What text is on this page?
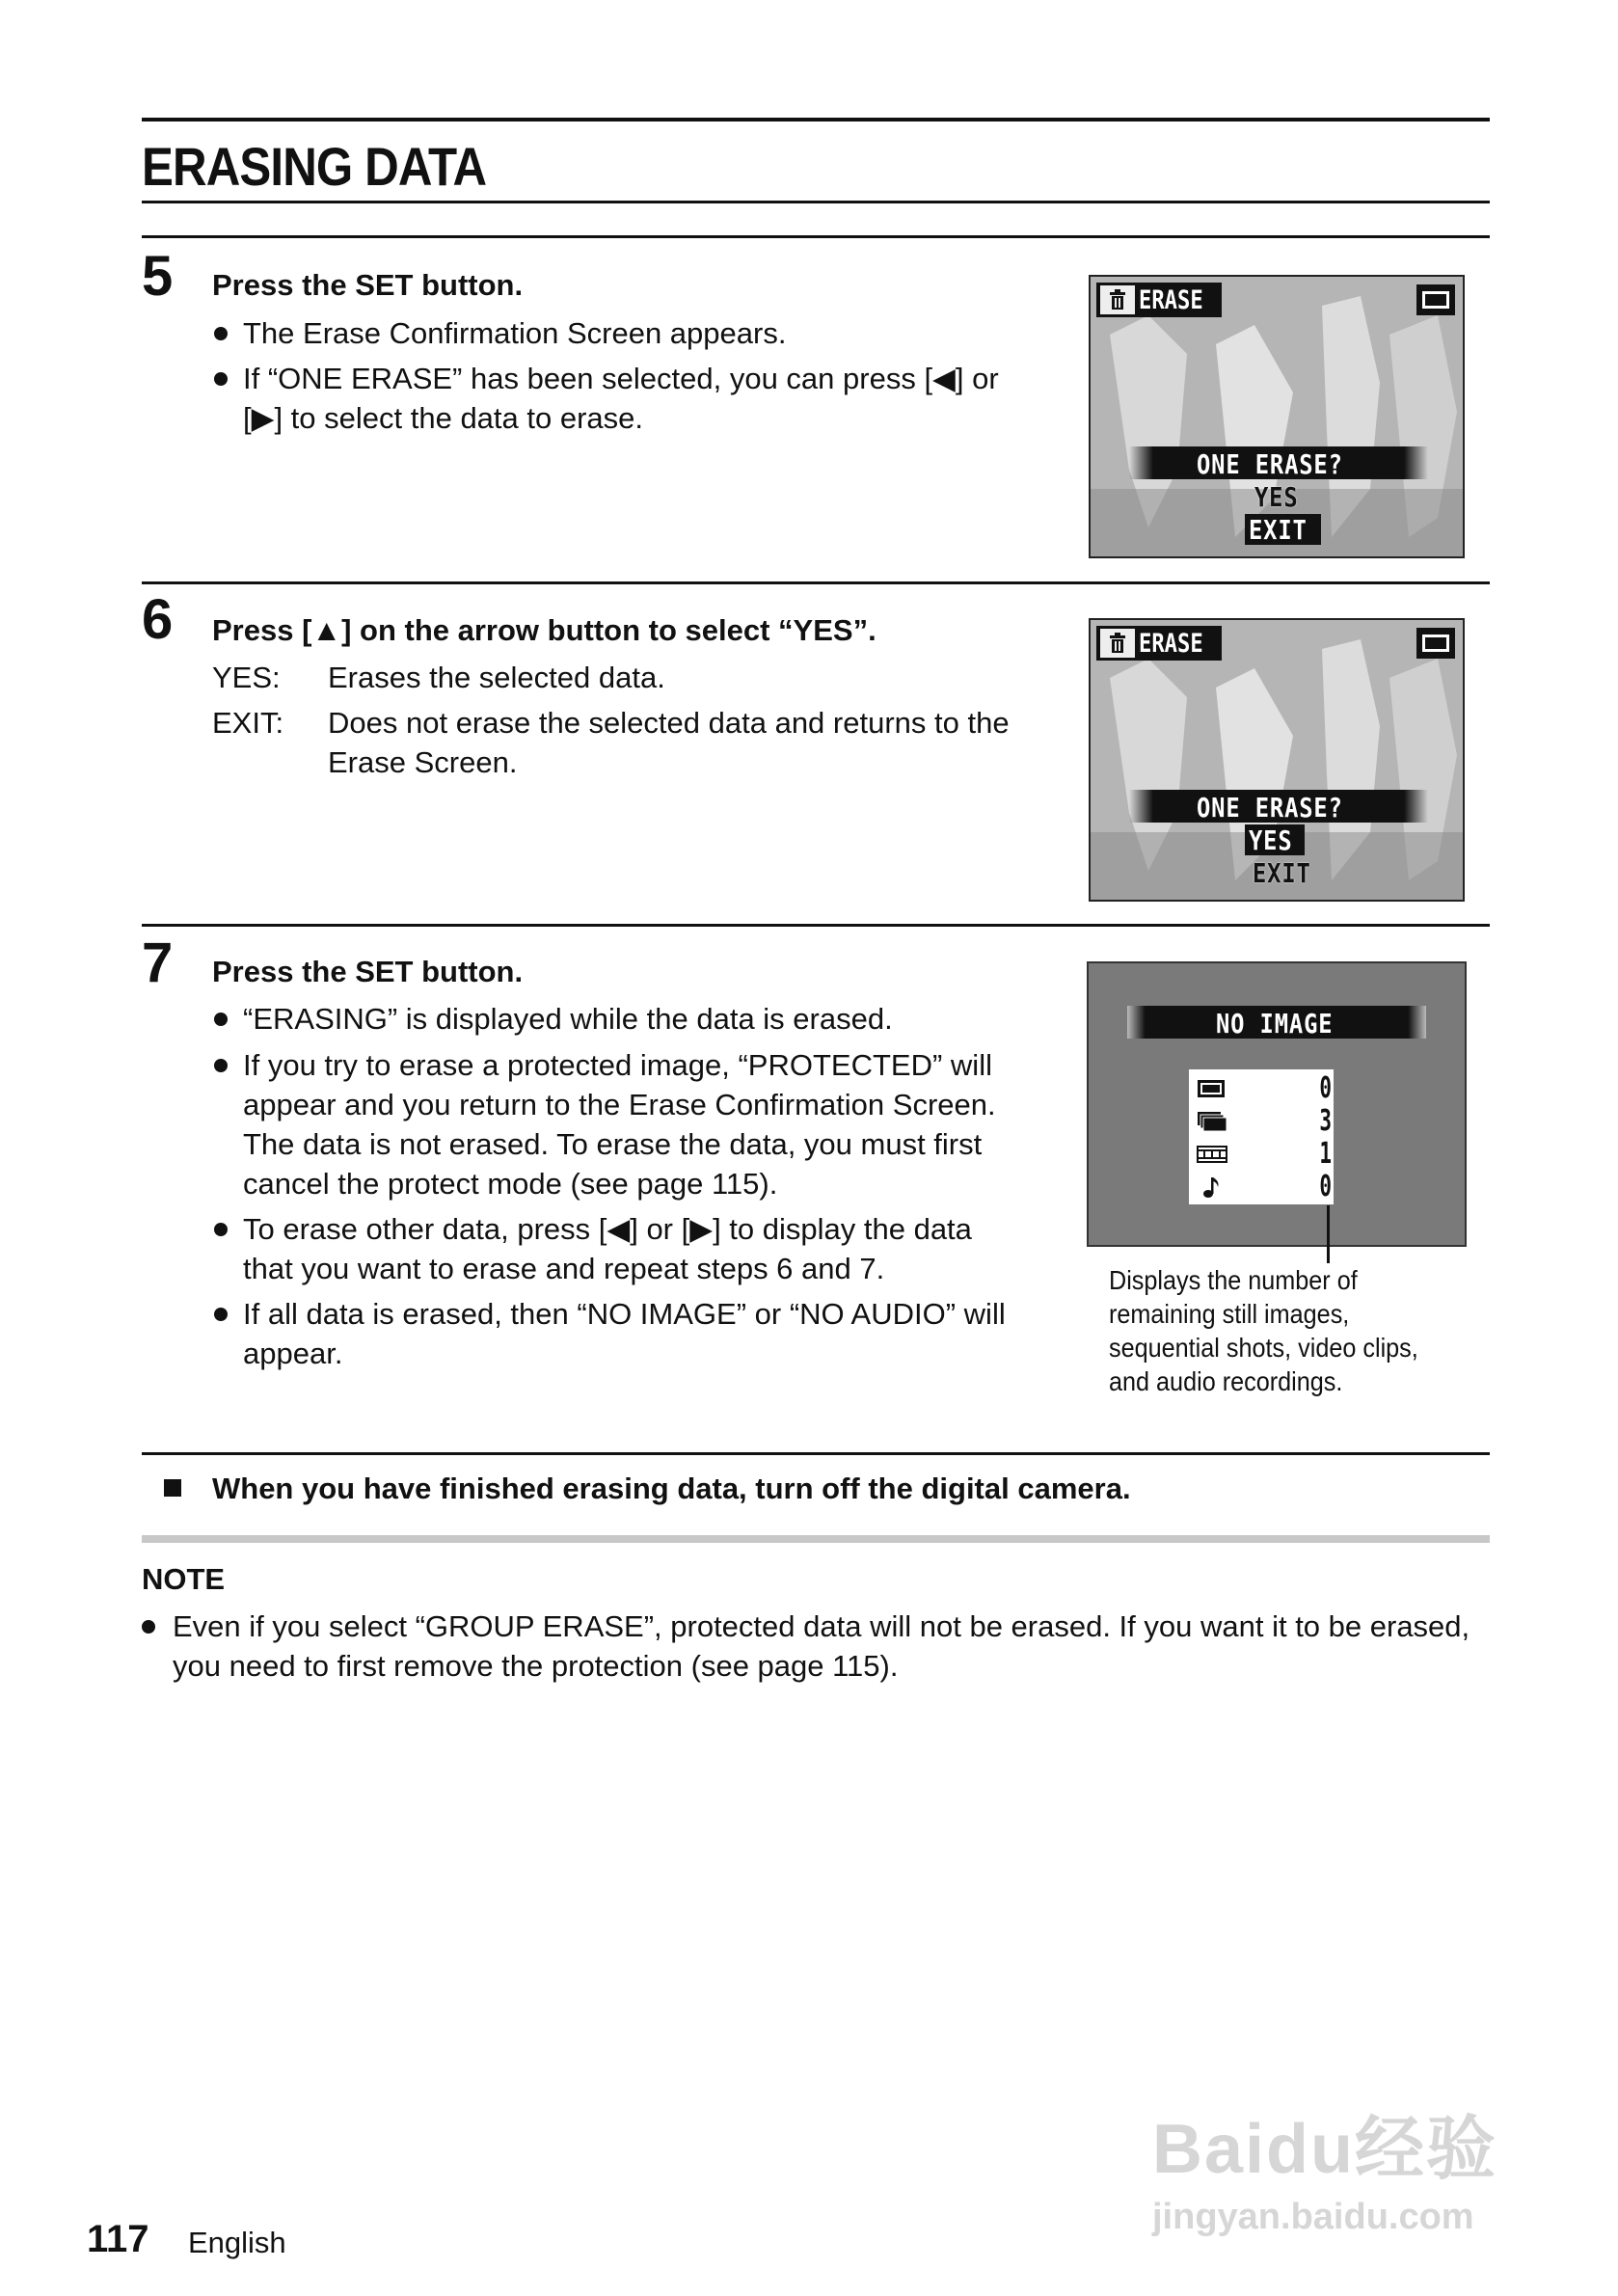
ERASING DATA
5 Press the SET button.
The Erase Confirmation Screen appears.
If “ONE ERASE” has been selected, you can press [◀] or [▶] to select the data to erase.
ERASE
ONE ERASE?
YES
EXIT
6 Press [▲] on the arrow button to select “YES”.
YES:	Erases the selected data.
EXIT:	Does not erase the selected data and returns to the Erase Screen.
ERASE
ONE ERASE?
YES
EXIT
7 Press the SET button.
“ERASING” is displayed while the data is erased.
If you try to erase a protected image, “PROTECTED” will appear and you return to the Erase Confirmation Screen. The data is not erased. To erase the data, you must first cancel the protect mode (see page 115).
To erase other data, press [◀] or [▶] to display the data that you want to erase and repeat steps 6 and 7.
If all data is erased, then “NO IMAGE” or “NO AUDIO” will appear.
NO IMAGE
0
3
1
0
Displays the number of
remaining still images,
sequential shots, video clips,
and audio recordings.
When you have finished erasing data, turn off the digital camera.
NOTE
Even if you select “GROUP ERASE”, protected data will not be erased. If you want it to be erased, you need to first remove the protection (see page 115).
117 English
Baidu经验
jingyan.baidu.com
